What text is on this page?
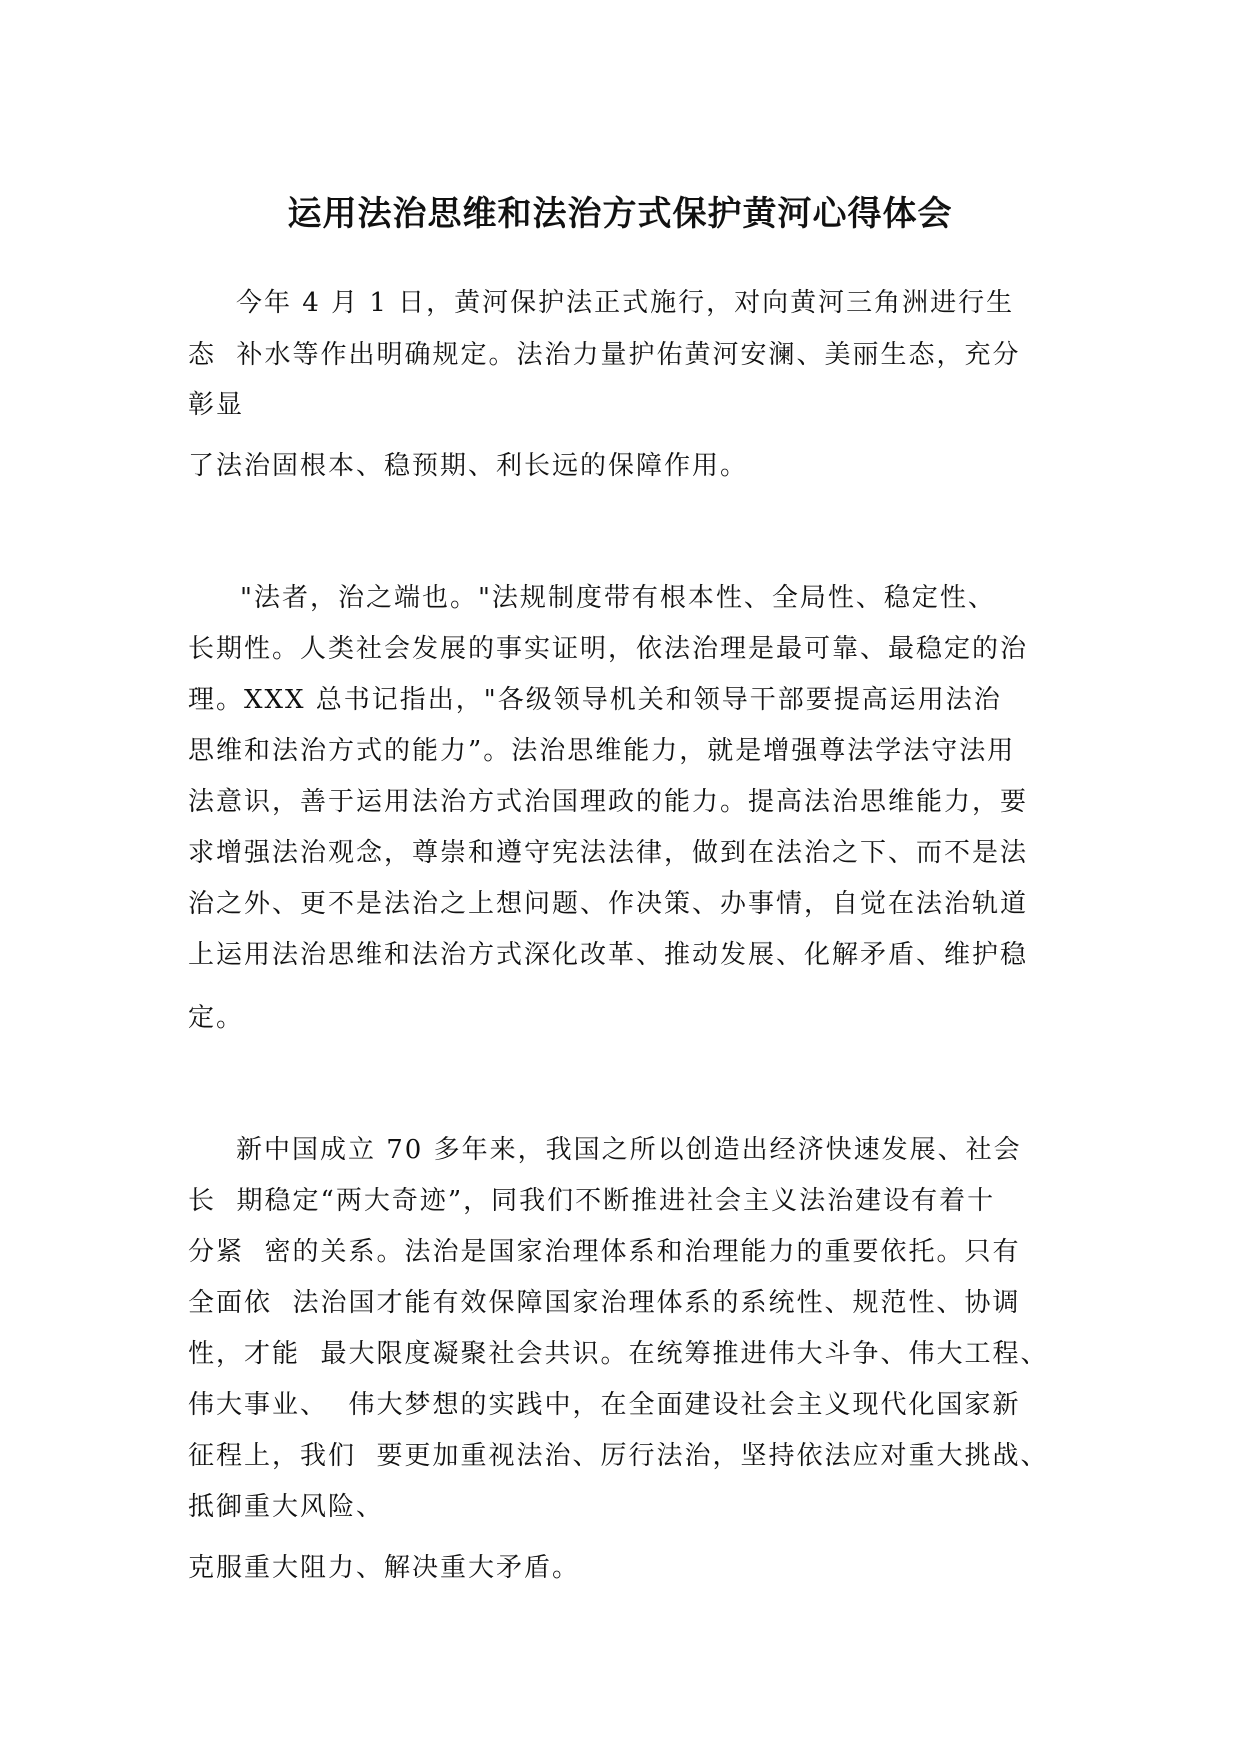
运用法治思维和法治方式保护黄河心得体会
今年 4 月 1 日，黄河保护法正式施行，对向黄河三角洲进行生
态  补水等作出明确规定。法治力量护佑黄河安澜、美丽生态，充分
彰显
了法治固根本、稳预期、利长远的保障作用。
"法者，治之端也。"法规制度带有根本性、全局性、稳定性、
长期性。人类社会发展的事实证明，依法治理是最可靠、最稳定的治
理。XXX 总书记指出，"各级领导机关和领导干部要提高运用法治
思维和法治方式的能力”。法治思维能力，就是增强尊法学法守法用
法意识，善于运用法治方式治国理政的能力。提高法治思维能力，要
求增强法治观念，尊崇和遵守宪法法律，做到在法治之下、而不是法
治之外、更不是法治之上想问题、作决策、办事情，自觉在法治轨道
上运用法治思维和法治方式深化改革、推动发展、化解矛盾、维护稳
定。
新中国成立 70 多年来，我国之所以创造出经济快速发展、社会
长  期稳定“两大奇迹”，同我们不断推进社会主义法治建设有着十
分紧  密的关系。法治是国家治理体系和治理能力的重要依托。只有
全面依  法治国才能有效保障国家治理体系的系统性、规范性、协调
性，才能  最大限度凝聚社会共识。在统筹推进伟大斗争、伟大工程、
伟大事业、  伟大梦想的实践中，在全面建设社会主义现代化国家新
征程上，我们  要更加重视法治、厉行法治，坚持依法应对重大挑战、
抵御重大风险、
克服重大阻力、解决重大矛盾。
